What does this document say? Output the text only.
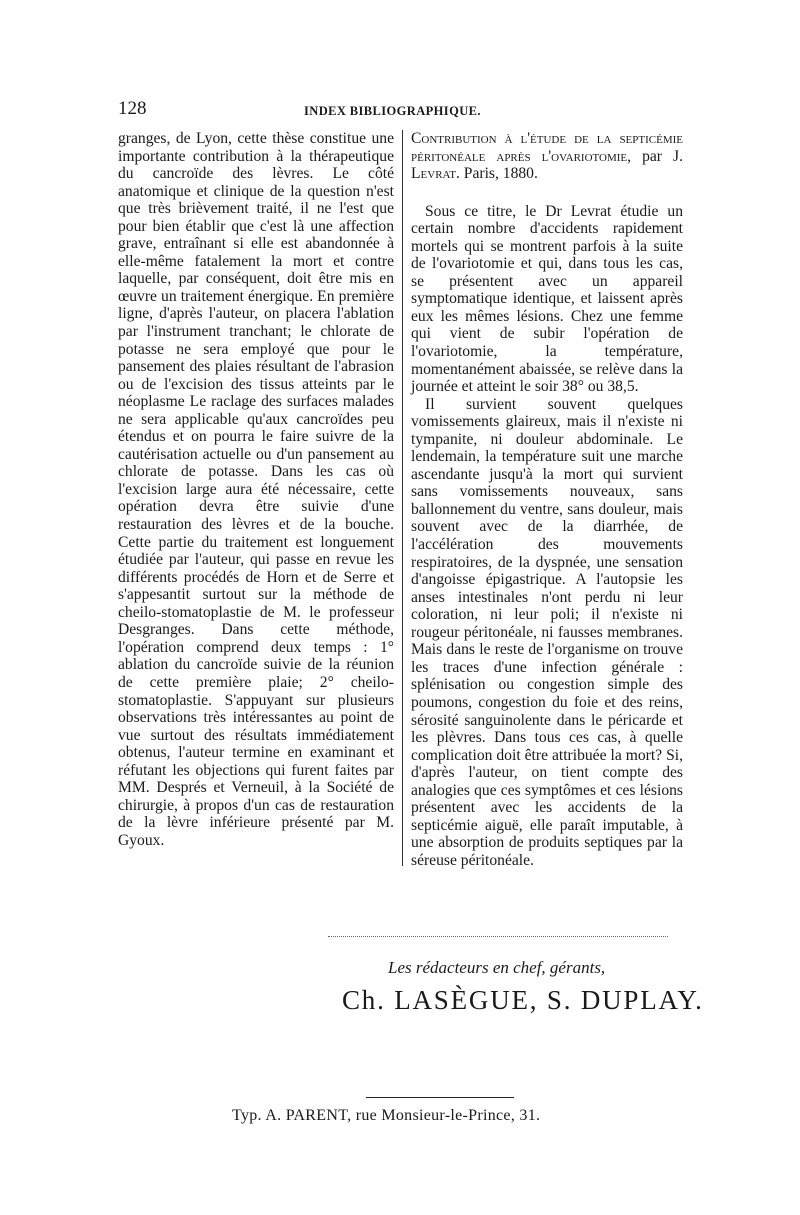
128	INDEX BIBLIOGRAPHIQUE.

granges, de Lyon, cette thèse constitue une importante contribution à la thérapeutique du cancroïde des lèvres. Le côté anatomique et clinique de la question n'est que très brièvement traité, il ne l'est que pour bien établir que c'est là une affection grave, entraînant si elle est abandonnée à elle-même fatalement la mort et contre laquelle, par conséquent, doit être mis en œuvre un traitement énergique. En première ligne, d'après l'auteur, on placera l'ablation par l'instrument tranchant; le chlorate de potasse ne sera employé que pour le pansement des plaies résultant de l'abrasion ou de l'excision des tissus atteints par le néoplasme Le raclage des surfaces malades ne sera applicable qu'aux cancroïdes peu étendus et on pourra le faire suivre de la cautérisation actuelle ou d'un pansement au chlorate de potasse. Dans les cas où l'excision large aura été nécessaire, cette opération devra être suivie d'une restauration des lèvres et de la bouche. Cette partie du traitement est longuement étudiée par l'auteur, qui passe en revue les différents procédés de Horn et de Serre et s'appesantit surtout sur la méthode de cheilo-stomatoplastie de M. le professeur Desgranges. Dans cette méthode, l'opération comprend deux temps : 1° ablation du cancroïde suivie de la réunion de cette première plaie; 2° cheilo-stomatoplastie. S'appuyant sur plusieurs observations très intéressantes au point de vue surtout des résultats immédiatement obtenus, l'auteur termine en examinant et réfutant les objections qui furent faites par MM. Després et Verneuil, à la Société de chirurgie, à propos d'un cas de restauration de la lèvre inférieure présenté par M. Gyoux.

Contribution à l'étude de la septicémie péritonéale après l'ovariotomie, par J. Levrat. Paris, 1880.

Sous ce titre, le Dr Levrat étudie un certain nombre d'accidents rapidement mortels qui se montrent parfois à la suite de l'ovariotomie et qui, dans tous les cas, se présentent avec un appareil symptomatique identique, et laissent après eux les mêmes lésions. Chez une femme qui vient de subir l'opération de l'ovariotomie, la température, momentanément abaissée, se relève dans la journée et atteint le soir 38° ou 38,5.

Il survient souvent quelques vomissements glaireux, mais il n'existe ni tympanite, ni douleur abdominale. Le lendemain, la température suit une marche ascendante jusqu'à la mort qui survient sans vomissements nouveaux, sans ballonnement du ventre, sans douleur, mais souvent avec de la diarrhée, de l'accélération des mouvements respiratoires, de la dyspnée, une sensation d'angoisse épigastrique. A l'autopsie les anses intestinales n'ont perdu ni leur coloration, ni leur poli; il n'existe ni rougeur péritonéale, ni fausses membranes. Mais dans le reste de l'organisme on trouve les traces d'une infection générale : splénisation ou congestion simple des poumons, congestion du foie et des reins, sérosité sanguinolente dans le péricarde et les plèvres. Dans tous ces cas, à quelle complication doit être attribuée la mort? Si, d'après l'auteur, on tient compte des analogies que ces symptômes et ces lésions présentent avec les accidents de la septicémie aiguë, elle paraît imputable, à une absorption de produits septiques par la séreuse péritonéale.

Les rédacteurs en chef, gérants,
Ch. LASÈGUE, S. DUPLAY.
Typ. A. PARENT, rue Monsieur-le-Prince, 31.
